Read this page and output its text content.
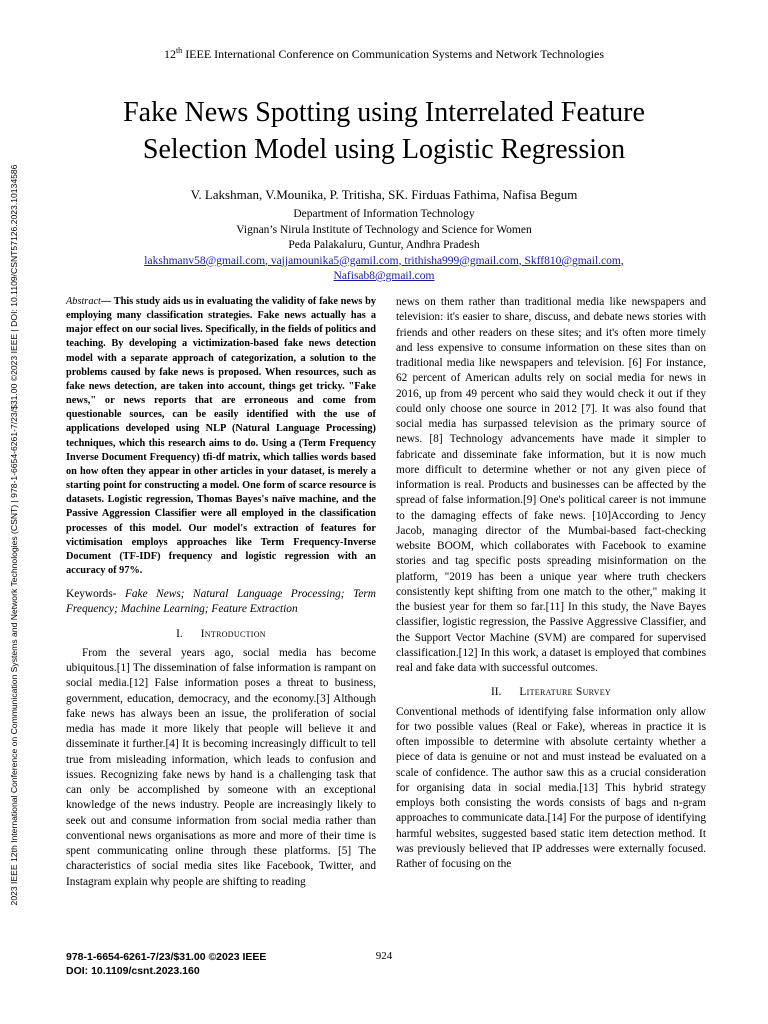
2023 IEEE 12th International Conference on Communication Systems and Network Technologies (CSNT) | 978-1-6654-6261-7/23/$31.00 ©2023 IEEE | DOI: 10.1109/CSNT57126.2023.10134586
12th IEEE International Conference on Communication Systems and Network Technologies
Fake News Spotting using Interrelated Feature
Selection Model using Logistic Regression
V. Lakshman, V.Mounika, P. Tritisha, SK. Firduas Fathima, Nafisa Begum
Department of Information Technology
Vignan’s Nirula Institute of Technology and Science for Women
Peda Palakaluru, Guntur, Andhra Pradesh
lakshmanv58@gmail.com, vajjamounika5@gamil.com, trithisha999@gmail.com, Skff810@gmail.com,
Nafisab8@gmail.com

Abstract— This study aids us in evaluating the validity of fake news by employing many classification strategies. Fake news actually has a major effect on our social lives. Specifically, in the fields of politics and teaching. By developing a victimization-based fake news detection model with a separate approach of categorization, a solution to the problems caused by fake news is proposed. When resources, such as fake news detection, are taken into account, things get tricky. "Fake news," or news reports that are erroneous and come from questionable sources, can be easily identified with the use of applications developed using NLP (Natural Language Processing) techniques, which this research aims to do. Using a (Term Frequency Inverse Document Frequency) tfi-df matrix, which tallies words based on how often they appear in other articles in your dataset, is merely a starting point for constructing a model. One form of scarce resource is datasets. Logistic regression, Thomas Bayes's naïve machine, and the Passive Aggression Classifier were all employed in the classification processes of this model. Our model's extraction of features for victimisation employs approaches like Term Frequency-Inverse Document (TF-IDF) frequency and logistic regression with an accuracy of 97%.

Keywords- Fake News; Natural Language Processing; Term Frequency; Machine Learning; Feature Extraction

I. Introduction

From the several years ago, social media has become ubiquitous.[1] The dissemination of false information is rampant on social media.[12] False information poses a threat to business, government, education, democracy, and the economy.[3] Although fake news has always been an issue, the proliferation of social media has made it more likely that people will believe it and disseminate it further.[4] It is becoming increasingly difficult to tell true from misleading information, which leads to confusion and issues. Recognizing fake news by hand is a challenging task that can only be accomplished by someone with an exceptional knowledge of the news industry. People are increasingly likely to seek out and consume information from social media rather than conventional news organisations as more and more of their time is spent communicating online through these platforms. [5] The characteristics of social media sites like Facebook, Twitter, and Instagram explain why people are shifting to reading

news on them rather than traditional media like newspapers and television: it's easier to share, discuss, and debate news stories with friends and other readers on these sites; and it's often more timely and less expensive to consume information on these sites than on traditional media like newspapers and television. [6] For instance, 62 percent of American adults rely on social media for news in 2016, up from 49 percent who said they would check it out if they could only choose one source in 2012 [7]. It was also found that social media has surpassed television as the primary source of news. [8] Technology advancements have made it simpler to fabricate and disseminate fake information, but it is now much more difficult to determine whether or not any given piece of information is real. Products and businesses can be affected by the spread of false information.[9] One's political career is not immune to the damaging effects of fake news. [10]According to Jency Jacob, managing director of the Mumbai-based fact-checking website BOOM, which collaborates with Facebook to examine stories and tag specific posts spreading misinformation on the platform, "2019 has been a unique year where truth checkers consistently kept shifting from one match to the other," making it the busiest year for them so far.[11] In this study, the Nave Bayes classifier, logistic regression, the Passive Aggressive Classifier, and the Support Vector Machine (SVM) are compared for supervised classification.[12] In this work, a dataset is employed that combines real and fake data with successful outcomes.

II. Literature Survey

Conventional methods of identifying false information only allow for two possible values (Real or Fake), whereas in practice it is often impossible to determine with absolute certainty whether a piece of data is genuine or not and must instead be evaluated on a scale of confidence. The author saw this as a crucial consideration for organising data in social media.[13] This hybrid strategy employs both consisting the words consists of bags and n-gram approaches to communicate data.[14] For the purpose of identifying harmful websites, suggested based static item detection method. It was previously believed that IP addresses were externally focused. Rather of focusing on the

978-1-6654-6261-7/23/$31.00 ©2023 IEEE
DOI: 10.1109/csnt.2023.160
924
